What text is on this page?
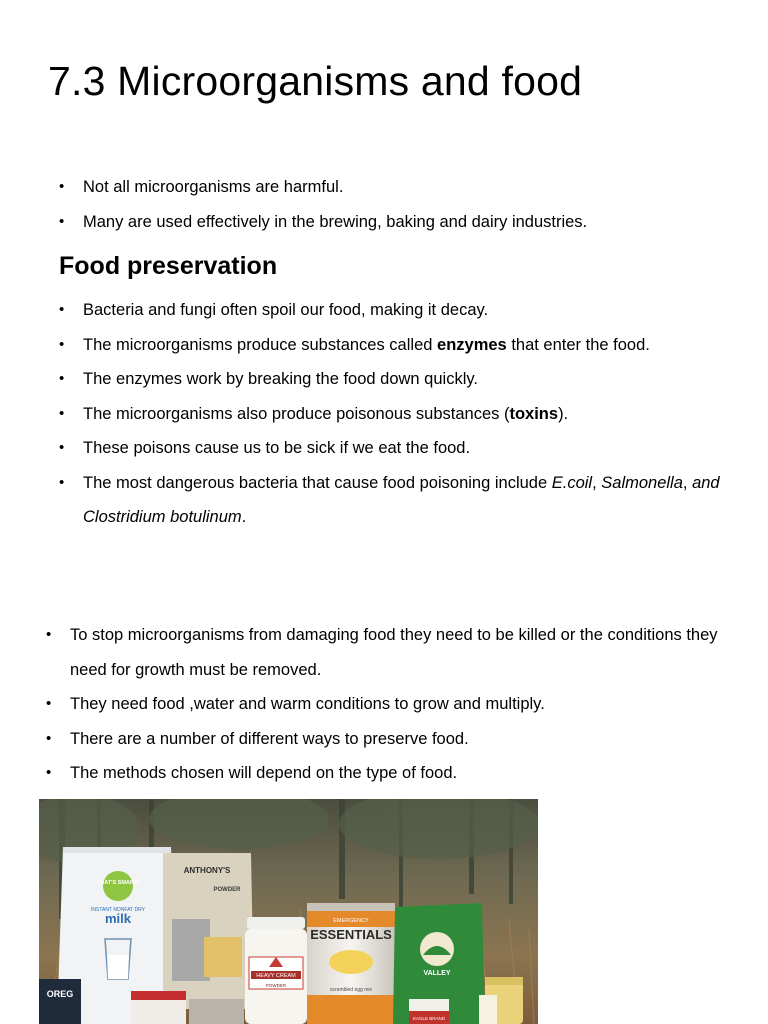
7.3 Microorganisms and food
• Not all microorganisms are harmful.
• Many are used effectively in the brewing, baking and dairy industries.
Food preservation
• Bacteria and fungi often spoil our food, making it decay.
• The microorganisms produce substances called enzymes that enter the food.
• The enzymes work by breaking the food down quickly.
• The microorganisms also produce poisonous substances (toxins).
• These poisons cause us to be sick if we eat the food.
• The most dangerous bacteria that cause food poisoning include E.coil, Salmonella, and Clostridium botulinum.
• To stop microorganisms from damaging food they need to be killed or the conditions they need for growth must be removed.
• They need food ,water and warm conditions to grow and multiply.
• There are a number of different ways to preserve food.
• The methods chosen will depend on the type of food.
THAT'S SMART!
INSTANT NONFAT DRY
milk
ANTHONY'S
POWDER
HEAVY CREAM
POWDER
EMERGENCY
ESSENTIALS
scrambled egg mix
VALLEY
EAGLE BRAND
OREG
